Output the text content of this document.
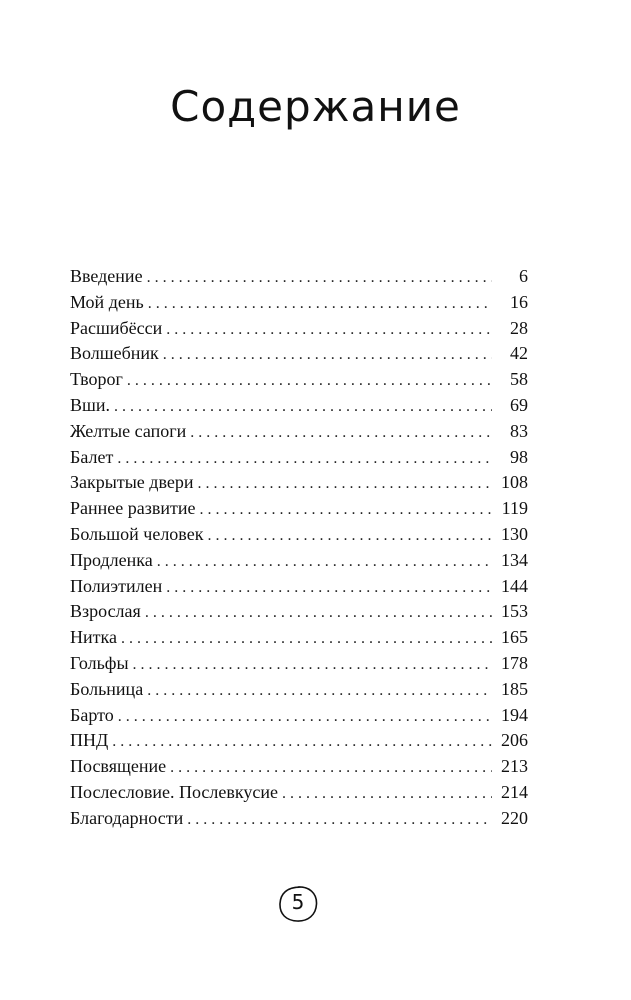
Содержание
Введение . . .	6
Мой день . . .	16
Расшибёсси . . .	28
Волшебник . . .	42
Творог . . .	58
Вши. . . .	69
Желтые сапоги . . .	83
Балет . . .	98
Закрытые двери . . .	108
Раннее развитие . . .	119
Большой человек . . .	130
Продленка . . .	134
Полиэтилен . . .	144
Взрослая . . .	153
Нитка . . .	165
Гольфы . . .	178
Больница . . .	185
Барто . . .	194
ПНД . . .	206
Посвящение . . .	213
Послесловие. Послевкусие . . .	214
Благодарности . . .	220
5
